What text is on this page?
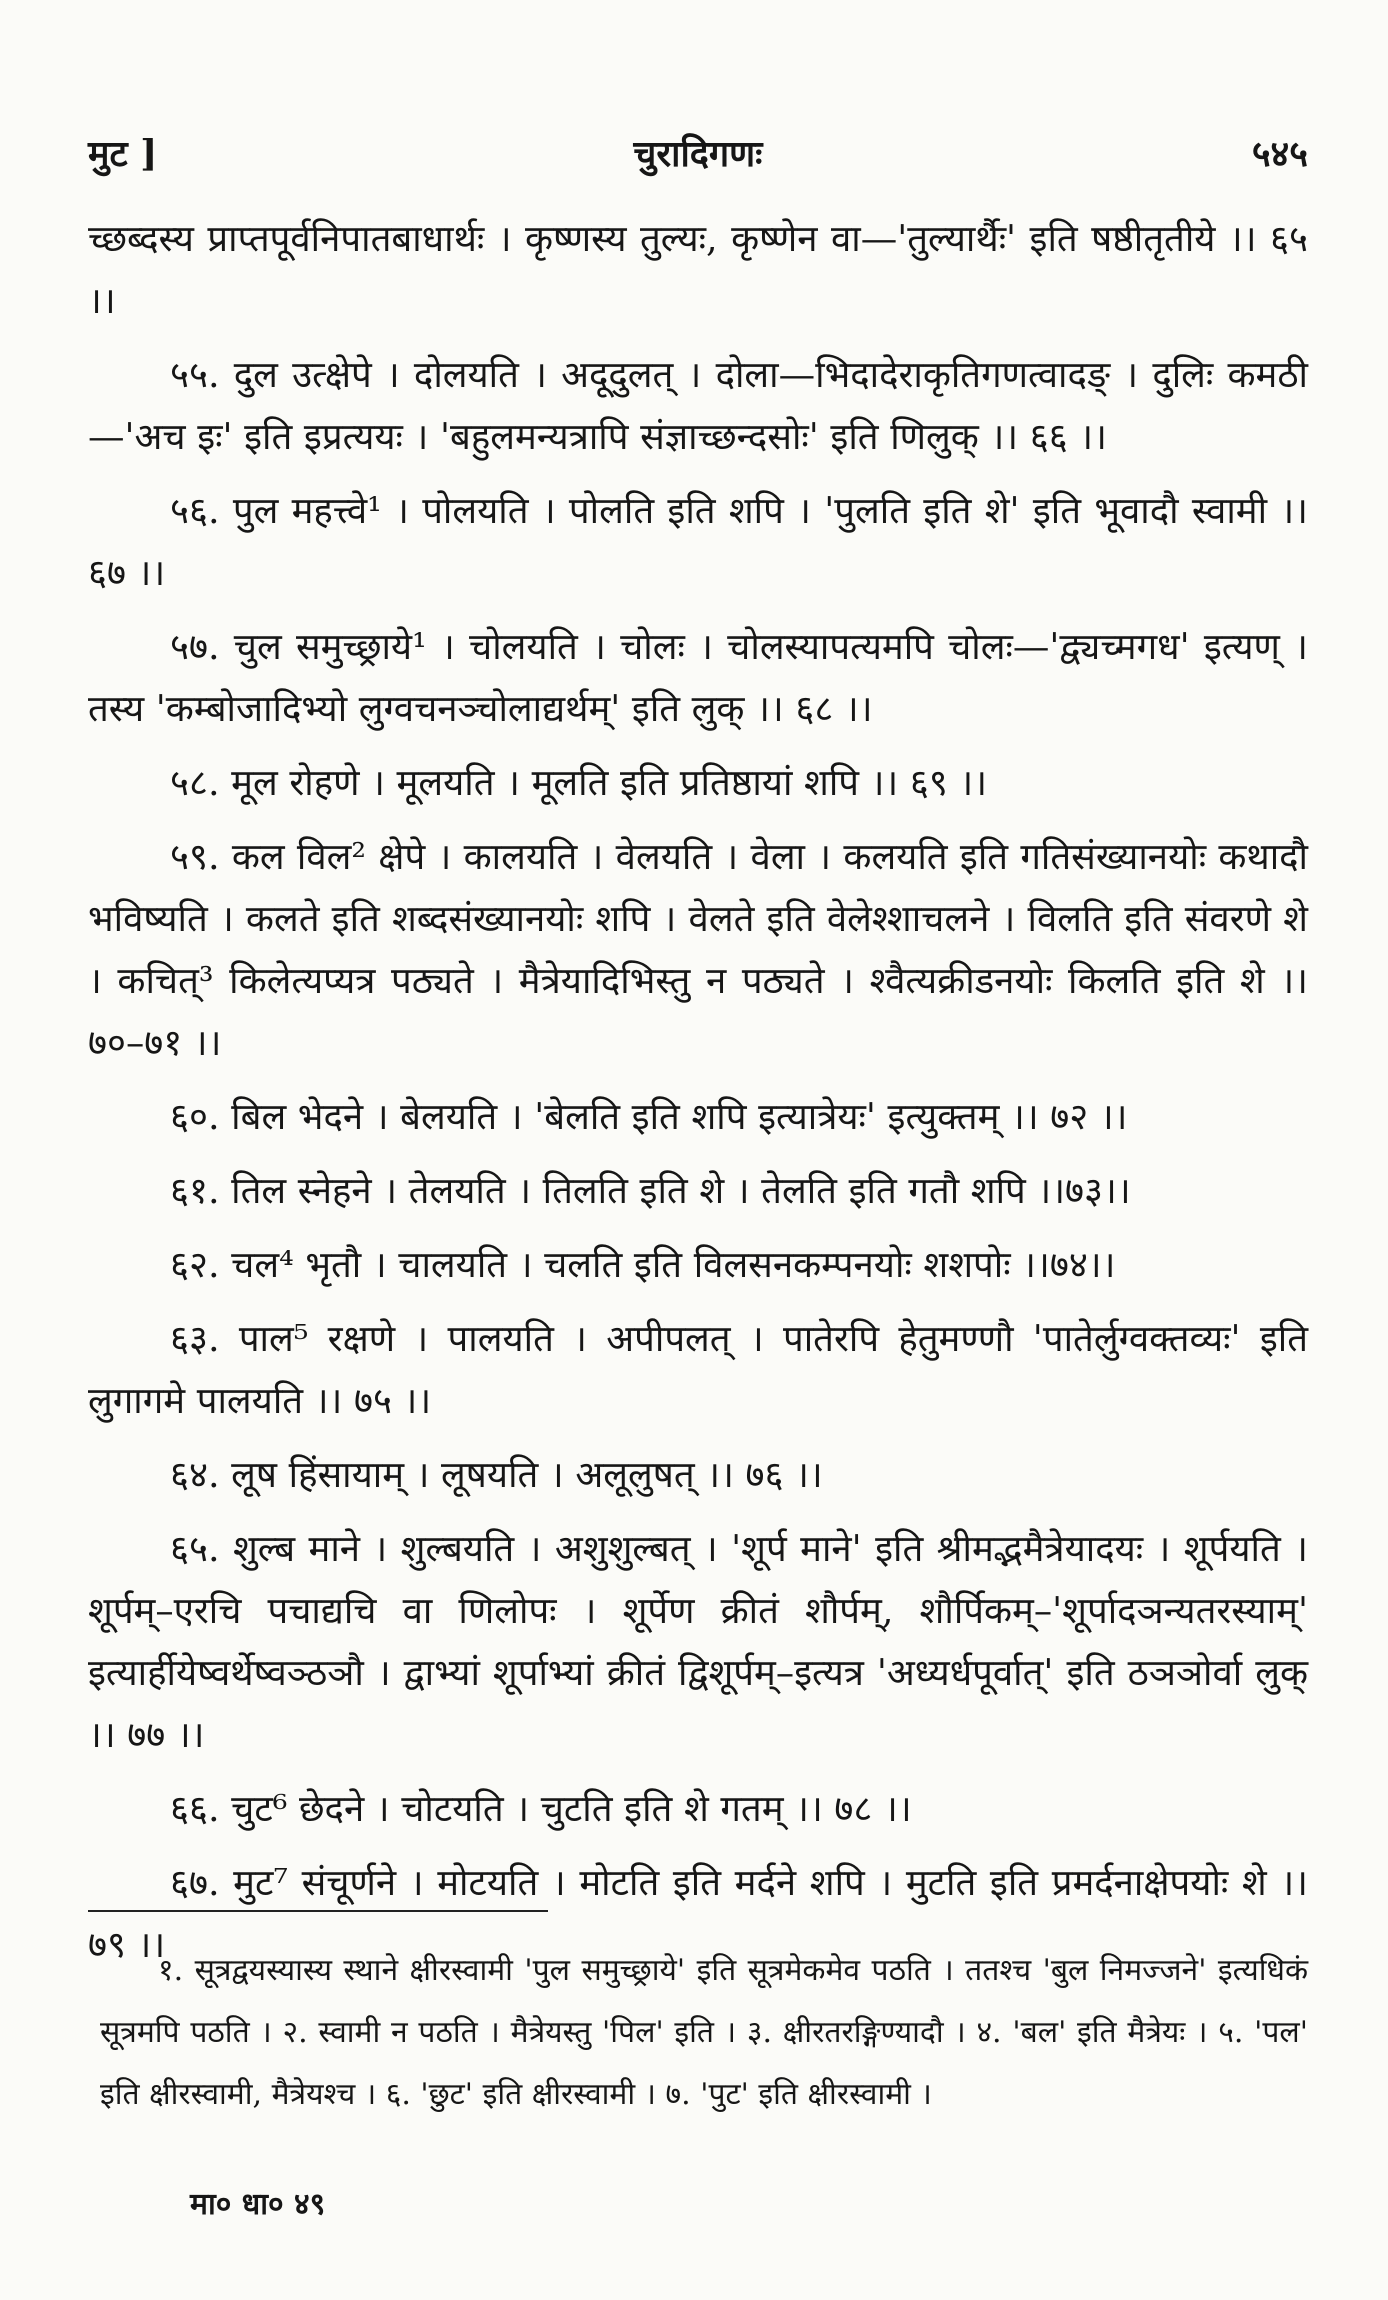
मुट ]	चुरादिगणः	५४५

च्छब्दस्य प्राप्तपूर्वनिपातबाधार्थः । कृष्णस्य तुल्यः, कृष्णेन वा—'तुल्यार्थैः' इति षष्ठीतृतीये ।। ६५ ।।

५५. दुल उत्क्षेपे । दोलयति । अदूदुलत् । दोला—भिदादेराकृतिगणत्वादङ् । दुलिः कमठी—'अच इः' इति इप्रत्ययः । 'बहुलमन्यत्रापि संज्ञाच्छन्दसोः' इति णिलुक् ।। ६६ ।।

५६. पुल महत्त्वे¹ । पोलयति । पोलति इति शपि । 'पुलति इति शे' इति भूवादौ स्वामी ।। ६७ ।।

५७. चुल समुच्छ्राये¹ । चोलयति । चोलः । चोलस्यापत्यमपि चोलः—'द्व्यच्मगध' इत्यण् । तस्य 'कम्बोजादिभ्यो लुग्वचनञ्चोलाद्यर्थम्' इति लुक् ।। ६८ ।।

५८. मूल रोहणे । मूलयति । मूलति इति प्रतिष्ठायां शपि ।। ६९ ।।

५९. कल विल² क्षेपे । कालयति । वेलयति । वेला । कलयति इति गतिसंख्यानयोः कथादौ भविष्यति । कलते इति शब्दसंख्यानयोः शपि । वेलते इति वेलेश्शाचलने । विलति इति संवरणे शे । कचित्³ किलेत्यप्यत्र पठ्यते । मैत्रेयादिभिस्तु न पठ्यते । श्वैत्यक्रीडनयोः किलति इति शे ।। ७०–७१ ।।

६०. बिल भेदने । बेलयति । 'बेलति इति शपि इत्यात्रेयः' इत्युक्तम् ।। ७२ ।।

६१. तिल स्नेहने । तेलयति । तिलति इति शे । तेलति इति गतौ शपि ।।७३।।

६२. चल⁴ भृतौ । चालयति । चलति इति विलसनकम्पनयोः शशपोः ।।७४।।

६३. पाल⁵ रक्षणे । पालयति । अपीपलत् । पातेरपि हेतुमण्णौ 'पातेर्लुग्वक्तव्यः' इति लुगागमे पालयति ।। ७५ ।।

६४. लूष हिंसायाम् । लूषयति । अलूलुषत् ।। ७६ ।।

६५. शुल्ब माने । शुल्बयति । अशुशुल्बत् । 'शूर्प माने' इति श्रीमद्भमैत्रेयादयः । शूर्पयति । शूर्पम्–एरचि पचाद्यचि वा णिलोपः । शूर्पेण क्रीतं शौर्पम्, शौर्पिकम्–'शूर्पादञन्यतरस्याम्' इत्यार्हीयेष्वर्थेष्वञ्ठञौ । द्वाभ्यां शूर्पाभ्यां क्रीतं द्विशूर्पम्–इत्यत्र 'अध्यर्धपूर्वात्' इति ठञञोर्वा लुक् ।। ७७ ।।

६६. चुट⁶ छेदने । चोटयति । चुटति इति शे गतम् ।। ७८ ।।

६७. मुट⁷ संचूर्णने । मोटयति । मोटति इति मर्दने शपि । मुटति इति प्रमर्दनाक्षेपयोः शे ।। ७९ ।।

१. सूत्रद्वयस्यास्य स्थाने क्षीरस्वामी 'पुल समुच्छ्राये' इति सूत्रमेकमेव पठति । ततश्च 'बुल निमज्जने' इत्यधिकं सूत्रमपि पठति । २. स्वामी न पठति । मैत्रेयस्तु 'पिल' इति । ३. क्षीरतरङ्गिण्यादौ । ४. 'बल' इति मैत्रेयः । ५. 'पल' इति क्षीरस्वामी, मैत्रेयश्च । ६. 'छुट' इति क्षीरस्वामी । ७. 'पुट' इति क्षीरस्वामी ।

मा० धा० ४९
